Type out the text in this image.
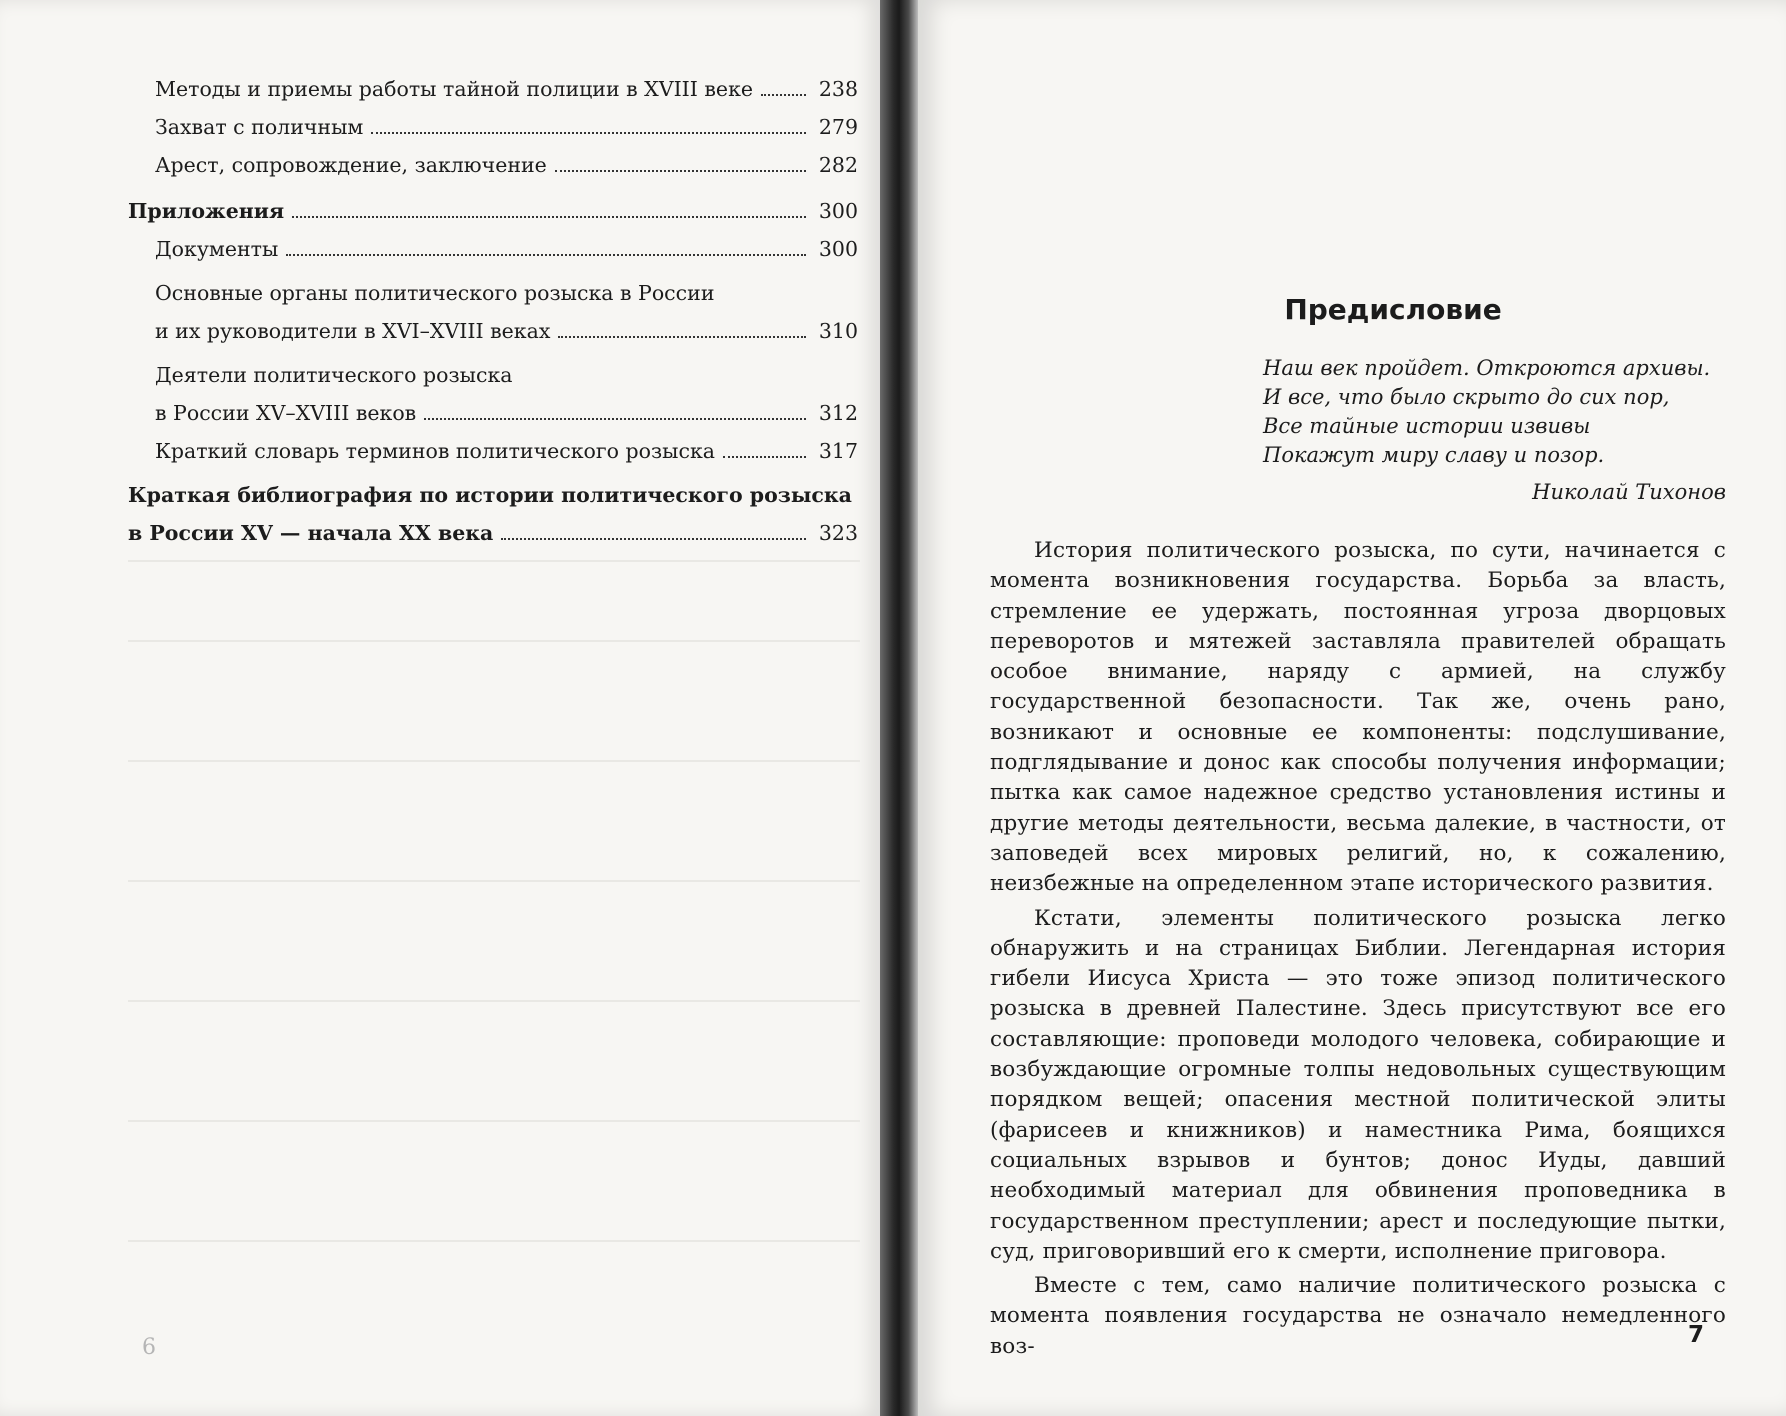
Методы и приемы работы тайной полиции в XVIII веке	238
Захват с поличным	279
Арест, сопровождение, заключение	282
Приложения	300
Документы	300
Основные органы политического розыска в России
и их руководители в XVI–XVIII веках	310
Деятели политического розыска
в России XV–XVIII веков	312
Краткий словарь терминов политического розыска	317
Краткая библиография по истории политического розыска
в России XV — начала XX века	323
6
Предисловие
Наш век пройдет. Откроются архивы.
И все, что было скрыто до сих пор,
Все тайные истории извивы
Покажут миру славу и позор.
Николай Тихонов

История политического розыска, по сути, начинается с момента возникновения государства. Борьба за власть, стремление ее удержать, постоянная угроза дворцовых переворотов и мятежей заставляла правителей обращать особое внимание, наряду с армией, на службу государственной безопасности. Так же, очень рано, возникают и основные ее компоненты: подслушивание, подглядывание и донос как способы получения информации; пытка как самое надежное средство установления истины и другие методы деятельности, весьма далекие, в частности, от заповедей всех мировых религий, но, к сожалению, неизбежные на определенном этапе исторического развития.

Кстати, элементы политического розыска легко обнаружить и на страницах Библии. Легендарная история гибели Иисуса Христа — это тоже эпизод политического розыска в древней Палестине. Здесь присутствуют все его составляющие: проповеди молодого человека, собирающие и возбуждающие огромные толпы недовольных существующим порядком вещей; опасения местной политической элиты (фарисеев и книжников) и наместника Рима, боящихся социальных взрывов и бунтов; донос Иуды, давший необходимый материал для обвинения проповедника в государственном преступлении; арест и последующие пытки, суд, приговоривший его к смерти, исполнение приговора.

Вместе с тем, само наличие политического розыска с момента появления государства не означало немедленного воз-	7
